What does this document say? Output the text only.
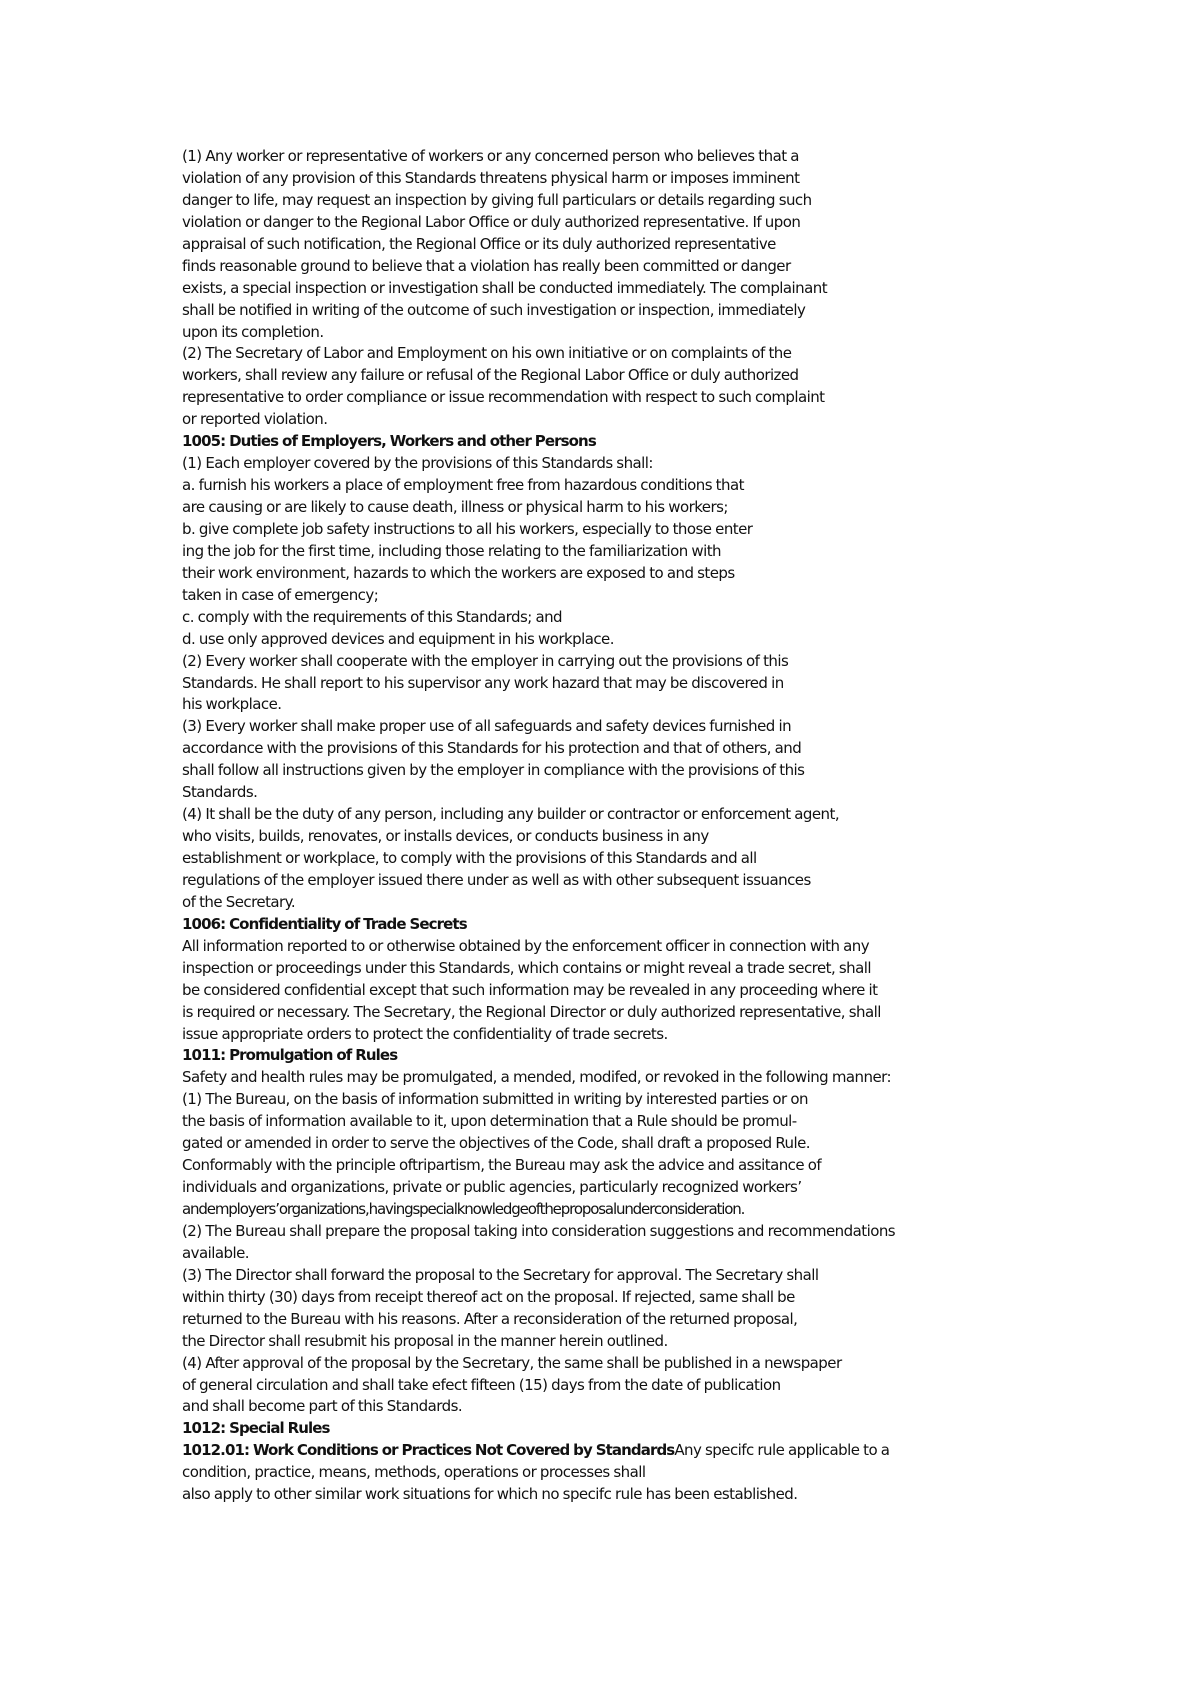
(1) Any worker or representative of workers or any concerned person who believes that a
violation of any provision of this Standards threatens physical harm or imposes imminent
danger to life, may request an inspection by giving full particulars or details regarding such
violation or danger to the Regional Labor Office or duly authorized representative. If upon
appraisal of such notification, the Regional Office or its duly authorized representative
finds reasonable ground to believe that a violation has really been committed or danger
exists, a special inspection or investigation shall be conducted immediately. The complainant
shall be notified in writing of the outcome of such investigation or inspection, immediately
upon its completion.
(2) The Secretary of Labor and Employment on his own initiative or on complaints of the
workers, shall review any failure or refusal of the Regional Labor Office or duly authorized
representative to order compliance or issue recommendation with respect to such complaint
or reported violation.
1005: Duties of Employers, Workers and other Persons
(1) Each employer covered by the provisions of this Standards shall:
a. furnish his workers a place of employment free from hazardous conditions that
are causing or are likely to cause death, illness or physical harm to his workers;
b. give complete job safety instructions to all his workers, especially to those enter
ing the job for the first time, including those relating to the familiarization with
their work environment, hazards to which the workers are exposed to and steps
taken in case of emergency;
c. comply with the requirements of this Standards; and
d. use only approved devices and equipment in his workplace.
(2) Every worker shall cooperate with the employer in carrying out the provisions of this
Standards. He shall report to his supervisor any work hazard that may be discovered in
his workplace.
(3) Every worker shall make proper use of all safeguards and safety devices furnished in
accordance with the provisions of this Standards for his protection and that of others, and
shall follow all instructions given by the employer in compliance with the provisions of this
Standards.
(4) It shall be the duty of any person, including any builder or contractor or enforcement agent,
who visits, builds, renovates, or installs devices, or conducts business in any
establishment or workplace, to comply with the provisions of this Standards and all
regulations of the employer issued there under as well as with other subsequent issuances
of the Secretary.
1006: Confidentiality of Trade Secrets
All information reported to or otherwise obtained by the enforcement officer in connection with any
inspection or proceedings under this Standards, which contains or might reveal a trade secret, shall
be considered confidential except that such information may be revealed in any proceeding where it
is required or necessary. The Secretary, the Regional Director or duly authorized representative, shall
issue appropriate orders to protect the confidentiality of trade secrets.
1011: Promulgation of Rules
Safety and health rules may be promulgated, a mended, modifed, or revoked in the following manner:
(1) The Bureau, on the basis of information submitted in writing by interested parties or on
the basis of information available to it, upon determination that a Rule should be promul-
gated or amended in order to serve the objectives of the Code, shall draft a proposed Rule.
Conformably with the principle oftripartism, the Bureau may ask the advice and assitance of
individuals and organizations, private or public agencies, particularly recognized workers’
andemployers’organizations,havingspecialknowledgeoftheproposalunderconsideration.
(2) The Bureau shall prepare the proposal taking into consideration suggestions and recommendations
available.
(3) The Director shall forward the proposal to the Secretary for approval. The Secretary shall
within thirty (30) days from receipt thereof act on the proposal. If rejected, same shall be
returned to the Bureau with his reasons. After a reconsideration of the returned proposal,
the Director shall resubmit his proposal in the manner herein outlined.
(4) After approval of the proposal by the Secretary, the same shall be published in a newspaper
of general circulation and shall take efect fifteen (15) days from the date of publication
and shall become part of this Standards.
1012: Special Rules
1012.01: Work Conditions or Practices Not Covered by StandardsAny specifc rule applicable to a
condition, practice, means, methods, operations or processes shall
also apply to other similar work situations for which no specifc rule has been established.
